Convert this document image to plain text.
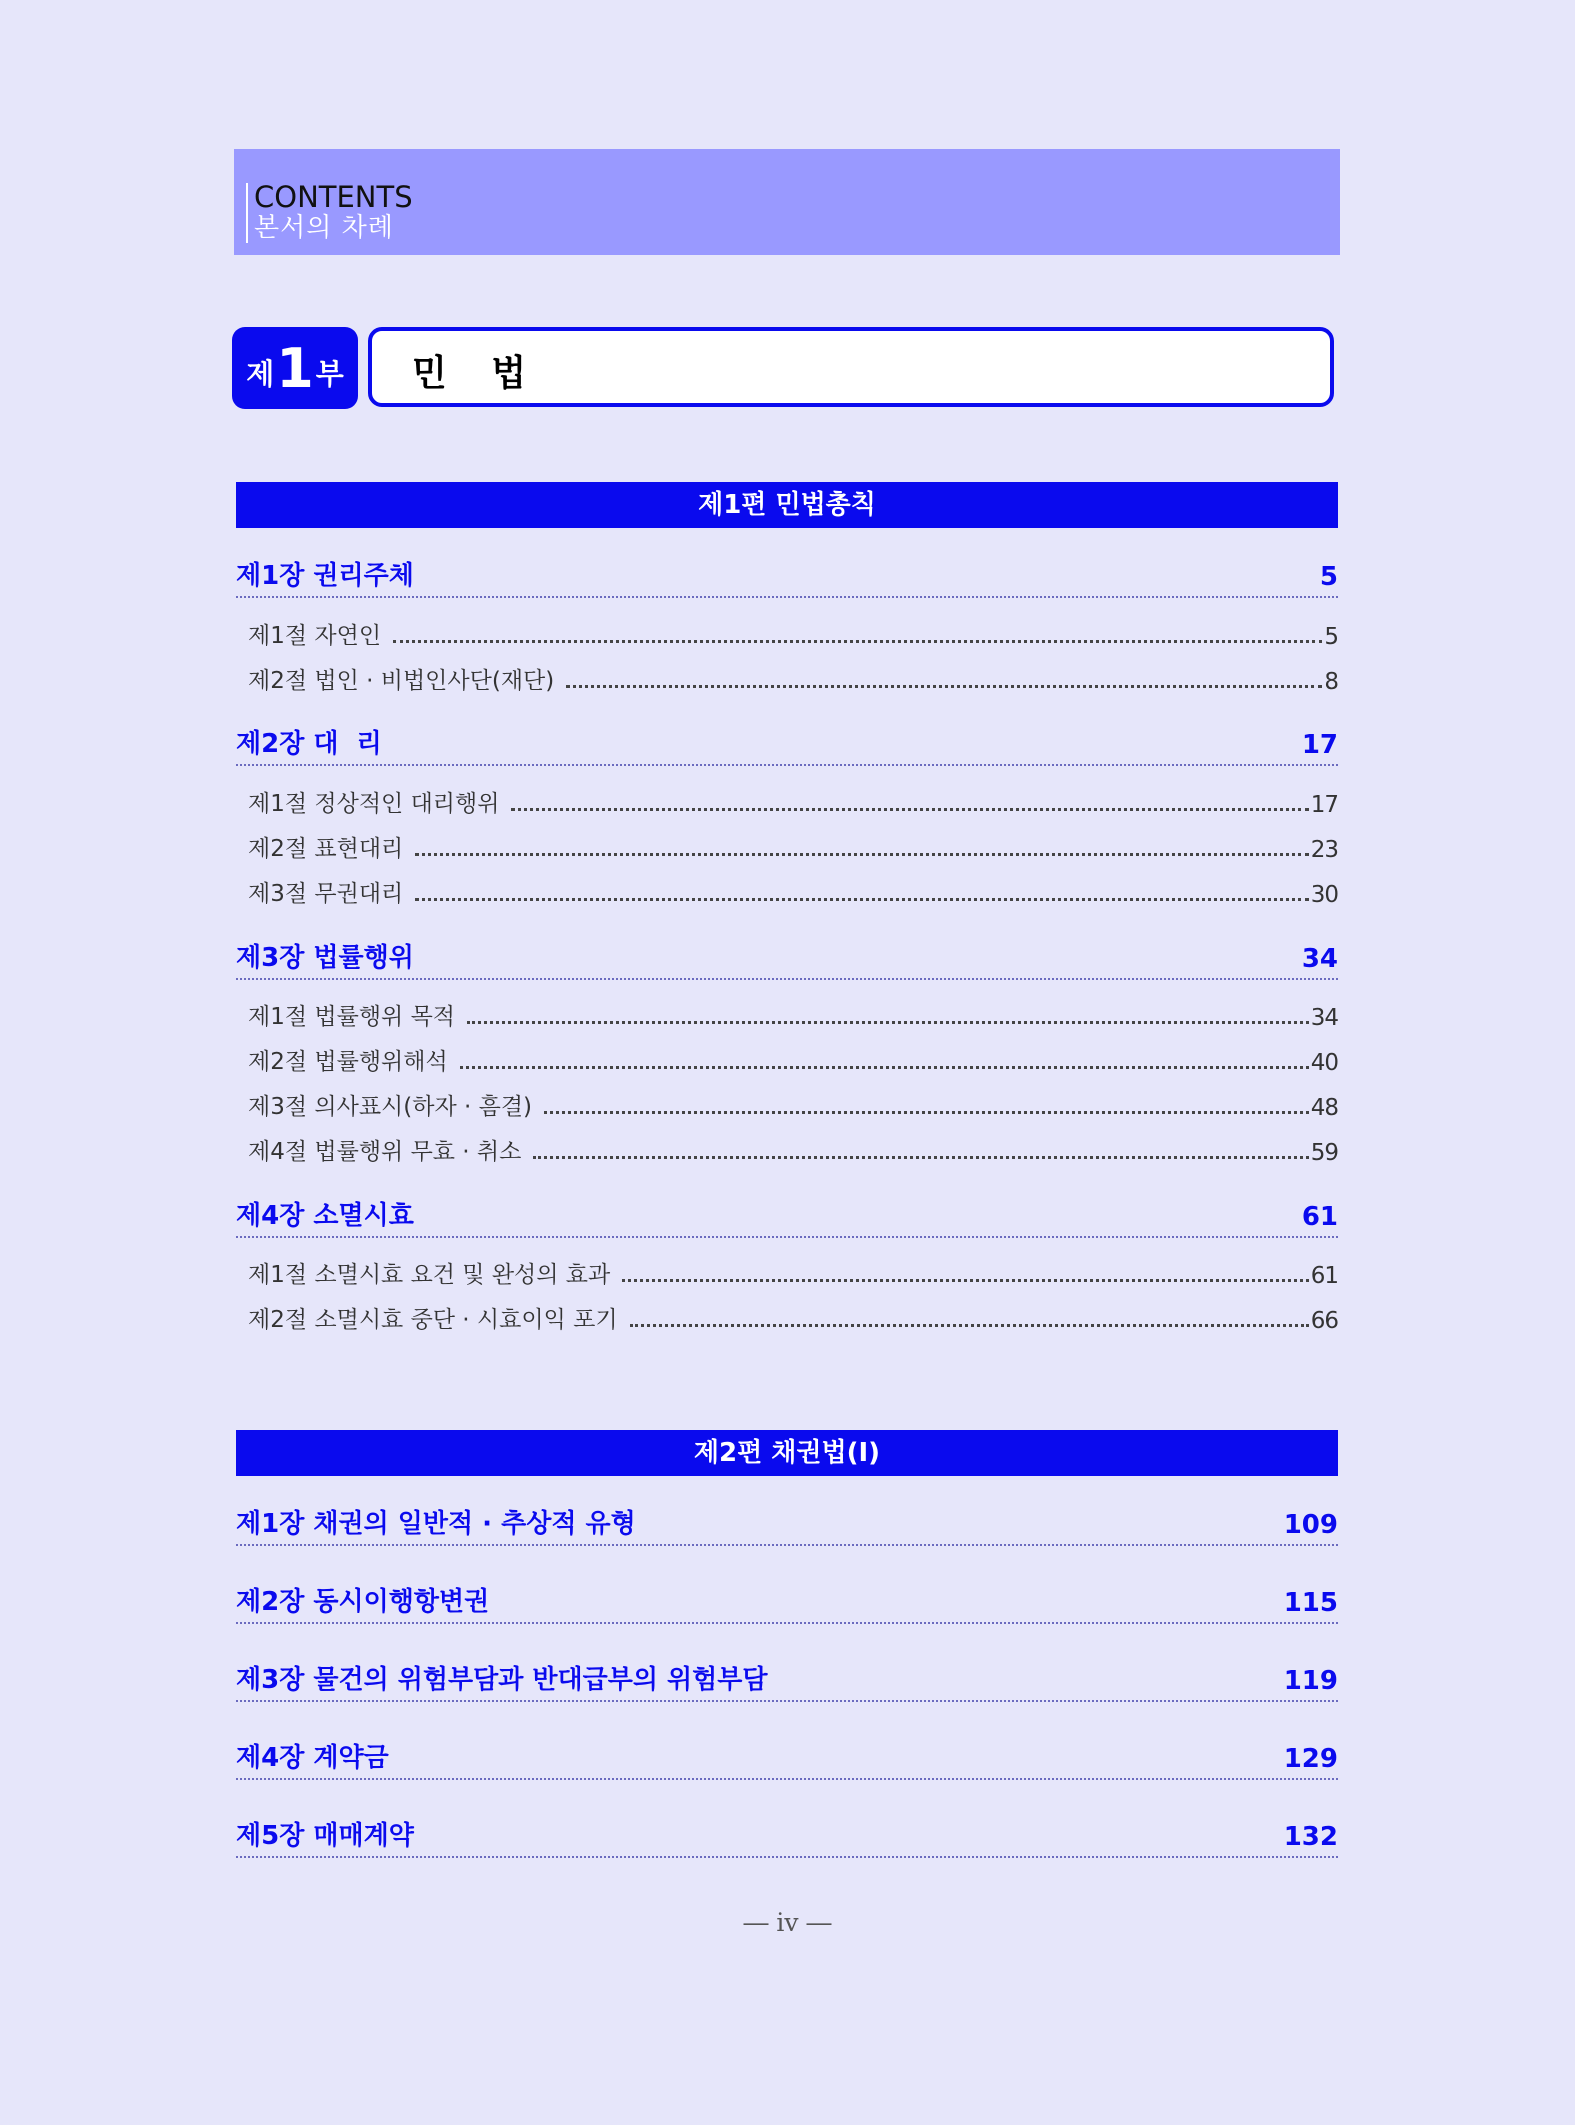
CONTENTS
본서의 차례
제 1 부 민 법
제1편 민법총칙
제1장 권리주체	5
제1절 자연인	5
제2절 법인 · 비법인사단(재단)	8
제2장 대  리	17
제1절 정상적인 대리행위	17
제2절 표현대리	23
제3절 무권대리	30
제3장 법률행위	34
제1절 법률행위 목적	34
제2절 법률행위해석	40
제3절 의사표시(하자 · 흠결)	48
제4절 법률행위 무효 · 취소	59
제4장 소멸시효	61
제1절 소멸시효 요건 및 완성의 효과	61
제2절 소멸시효 중단 · 시효이익 포기	66
제2편 채권법(Ⅰ)
제1장 채권의 일반적 · 추상적 유형	109
제2장 동시이행항변권	115
제3장 물건의 위험부담과 반대급부의 위험부담	119
제4장 계약금	129
제5장 매매계약	132
― iv ―
